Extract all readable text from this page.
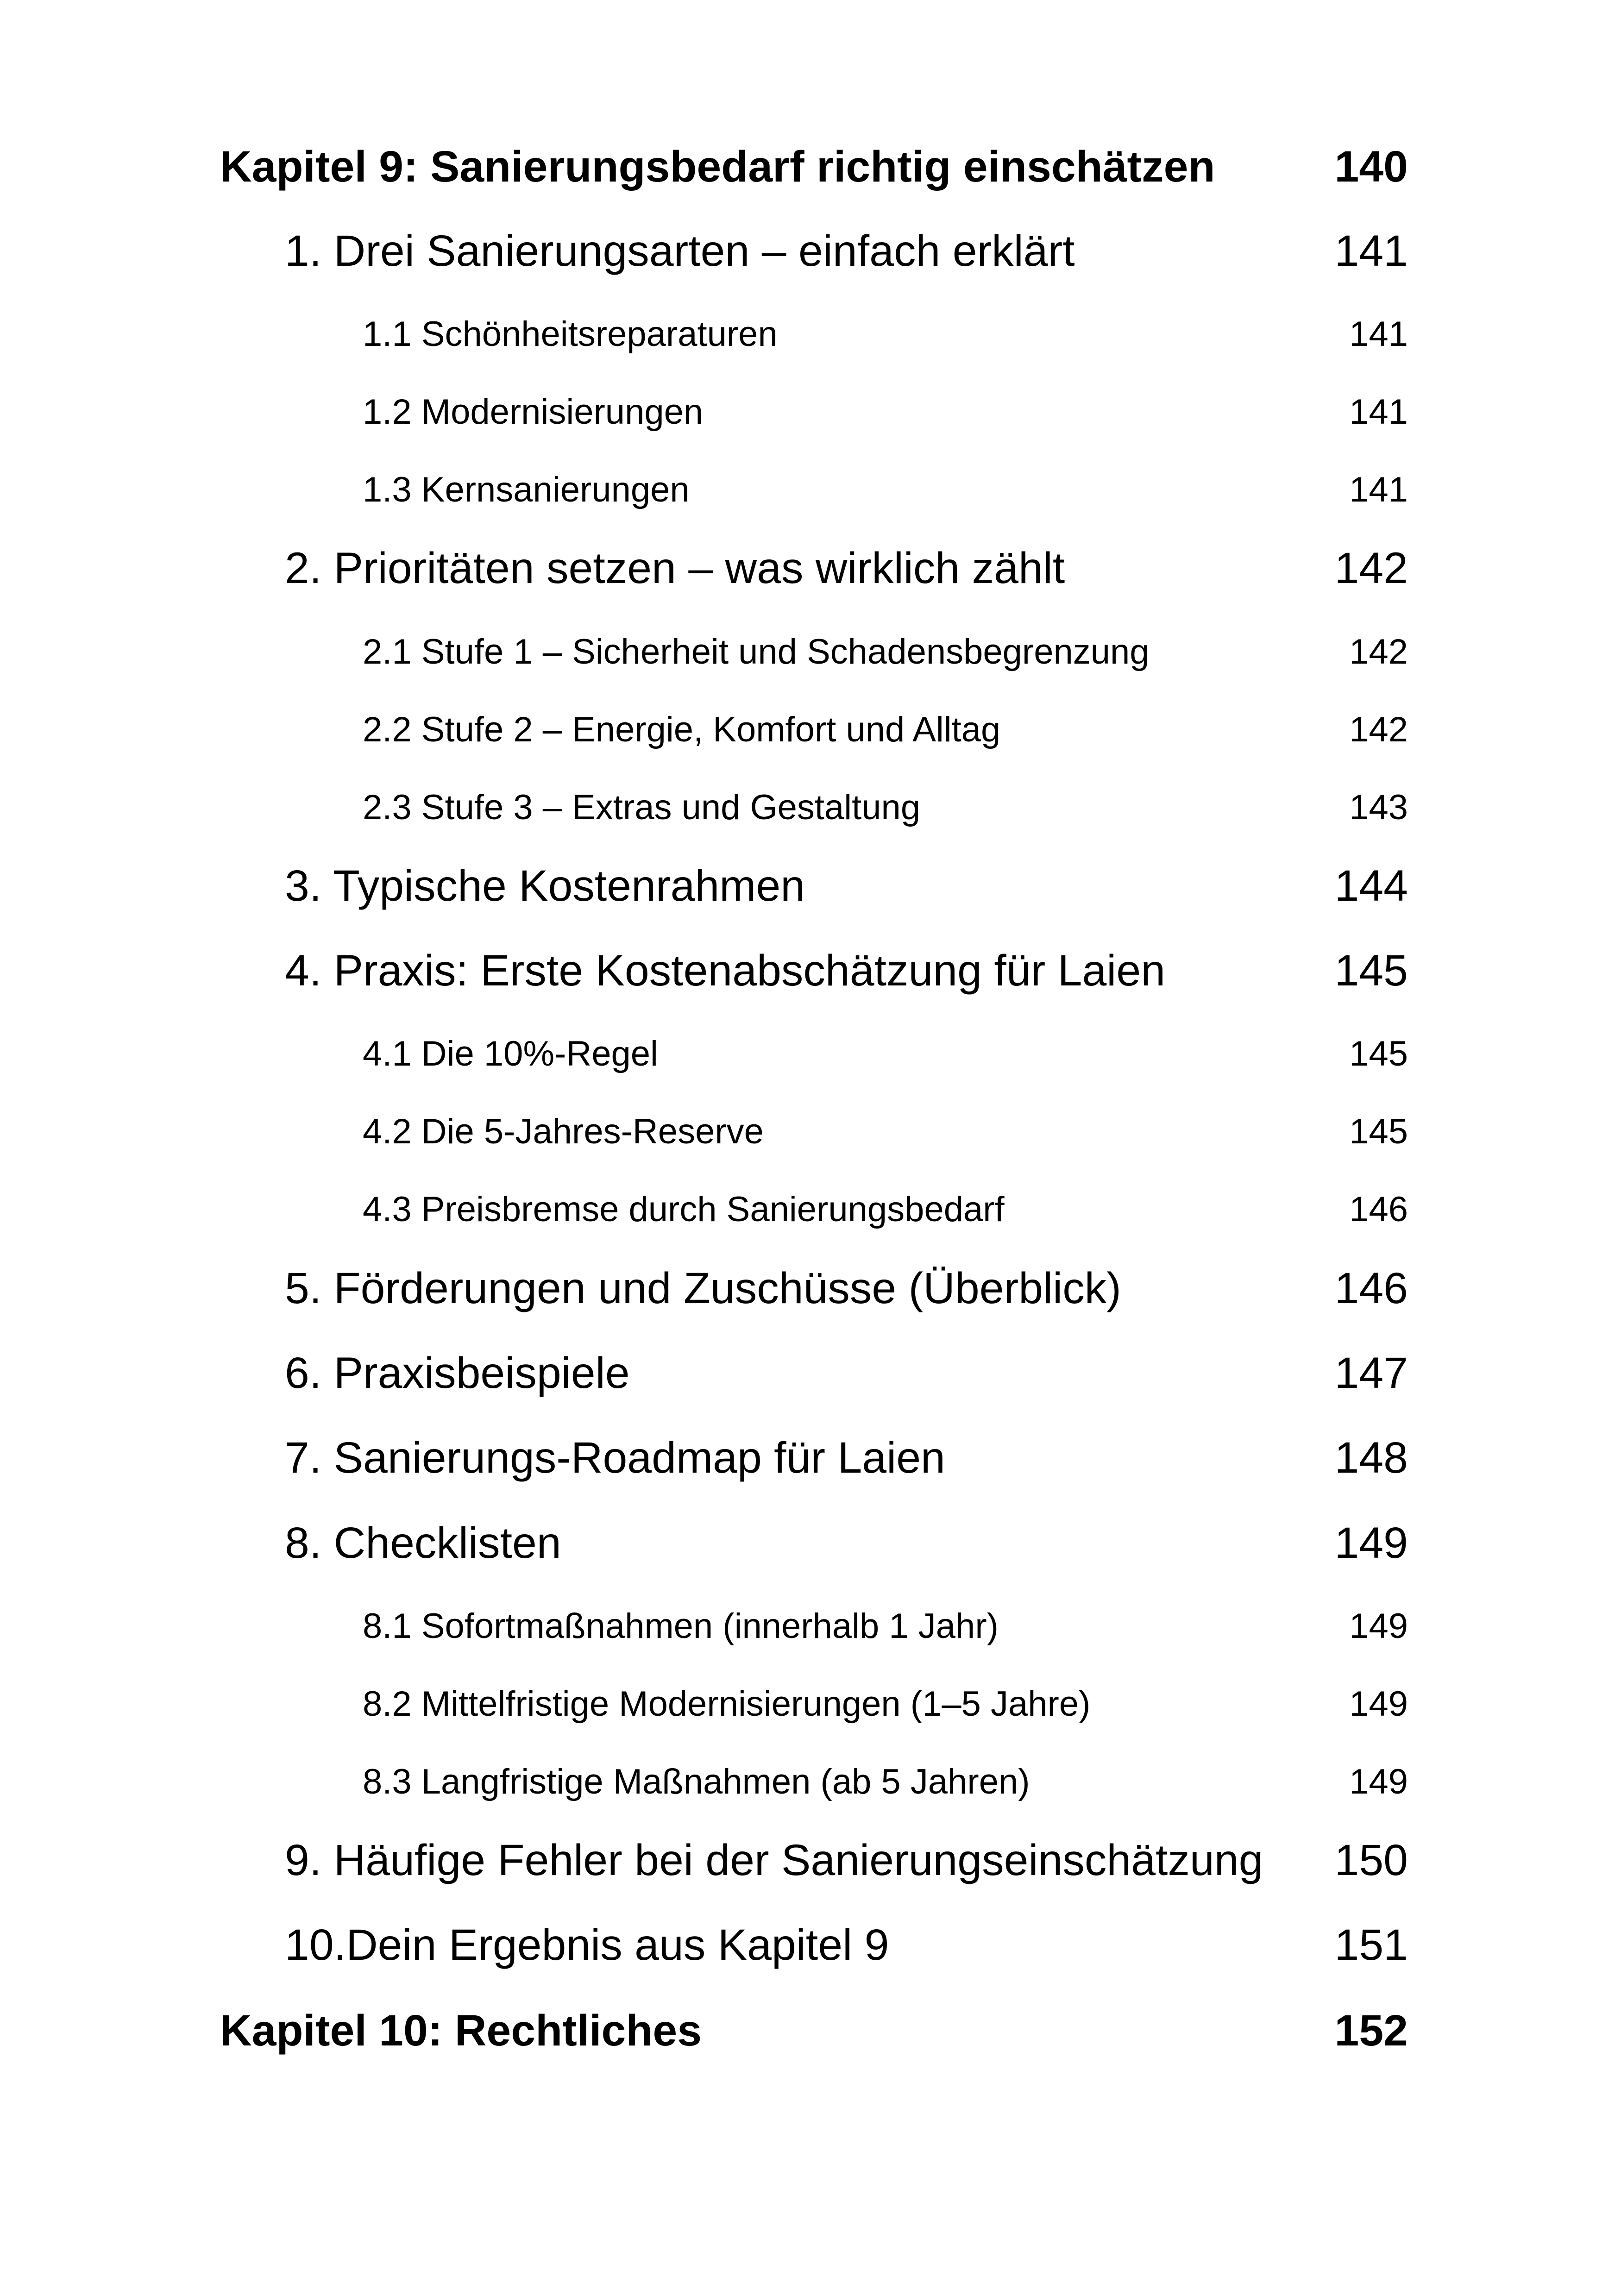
Kapitel 9: Sanierungsbedarf richtig einschätzen	140
1. Drei Sanierungsarten – einfach erklärt	141
1.1 Schönheitsreparaturen	141
1.2 Modernisierungen	141
1.3 Kernsanierungen	141
2. Prioritäten setzen – was wirklich zählt	142
2.1 Stufe 1 – Sicherheit und Schadensbegrenzung	142
2.2 Stufe 2 – Energie, Komfort und Alltag	142
2.3 Stufe 3 – Extras und Gestaltung	143
3. Typische Kostenrahmen	144
4. Praxis: Erste Kostenabschätzung für Laien	145
4.1 Die 10%-Regel	145
4.2 Die 5-Jahres-Reserve	145
4.3 Preisbremse durch Sanierungsbedarf	146
5. Förderungen und Zuschüsse (Überblick)	146
6. Praxisbeispiele	147
7. Sanierungs-Roadmap für Laien	148
8. Checklisten	149
8.1 Sofortmaßnahmen (innerhalb 1 Jahr)	149
8.2 Mittelfristige Modernisierungen (1–5 Jahre)	149
8.3 Langfristige Maßnahmen (ab 5 Jahren)	149
9. Häufige Fehler bei der Sanierungseinschätzung 150
10.Dein Ergebnis aus Kapitel 9	151
Kapitel 10: Rechtliches	152
